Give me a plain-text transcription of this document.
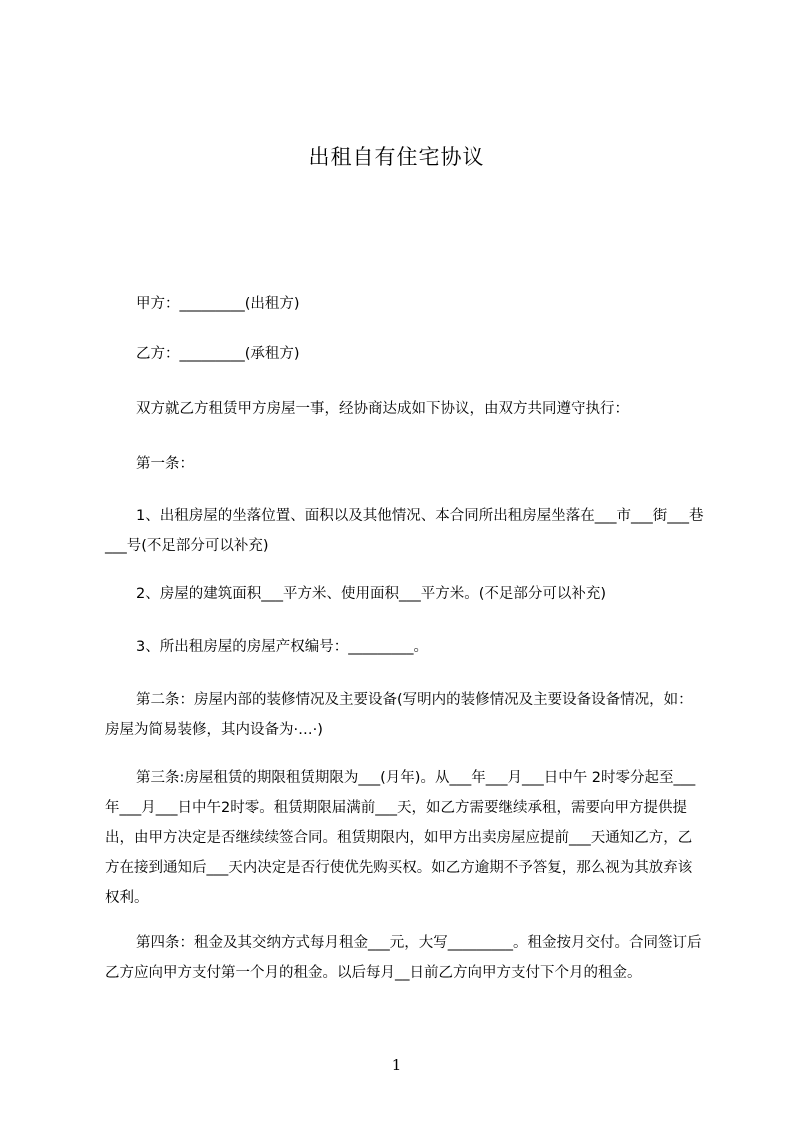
出租自有住宅协议

甲方：_________(出租方)

乙方：_________(承租方)

双方就乙方租赁甲方房屋一事，经协商达成如下协议，由双方共同遵守执行：

第一条：

1、出租房屋的坐落位置、面积以及其他情况、本合同所出租房屋坐落在___市___街___巷___号(不足部分可以补充)

2、房屋的建筑面积___平方米、使用面积___平方米。(不足部分可以补充)

3、所出租房屋的房屋产权编号：_________。

第二条：房屋内部的装修情况及主要设备(写明内的装修情况及主要设备设备情况，如：房屋为简易装修，其内设备为·…·)

第三条:房屋租赁的期限租赁期限为___(月年)。从___年___月___日中午 2时零分起至___年___月___日中午2时零。租赁期限届满前___天，如乙方需要继续承租，需要向甲方提供提出，由甲方决定是否继续续签合同。租赁期限内，如甲方出卖房屋应提前___天通知乙方，乙方在接到通知后___天内决定是否行使优先购买权。如乙方逾期不予答复，那么视为其放弃该权利。

第四条：租金及其交纳方式每月租金___元，大写_________。租金按月交付。合同签订后乙方应向甲方支付第一个月的租金。以后每月__日前乙方向甲方支付下个月的租金。

1
